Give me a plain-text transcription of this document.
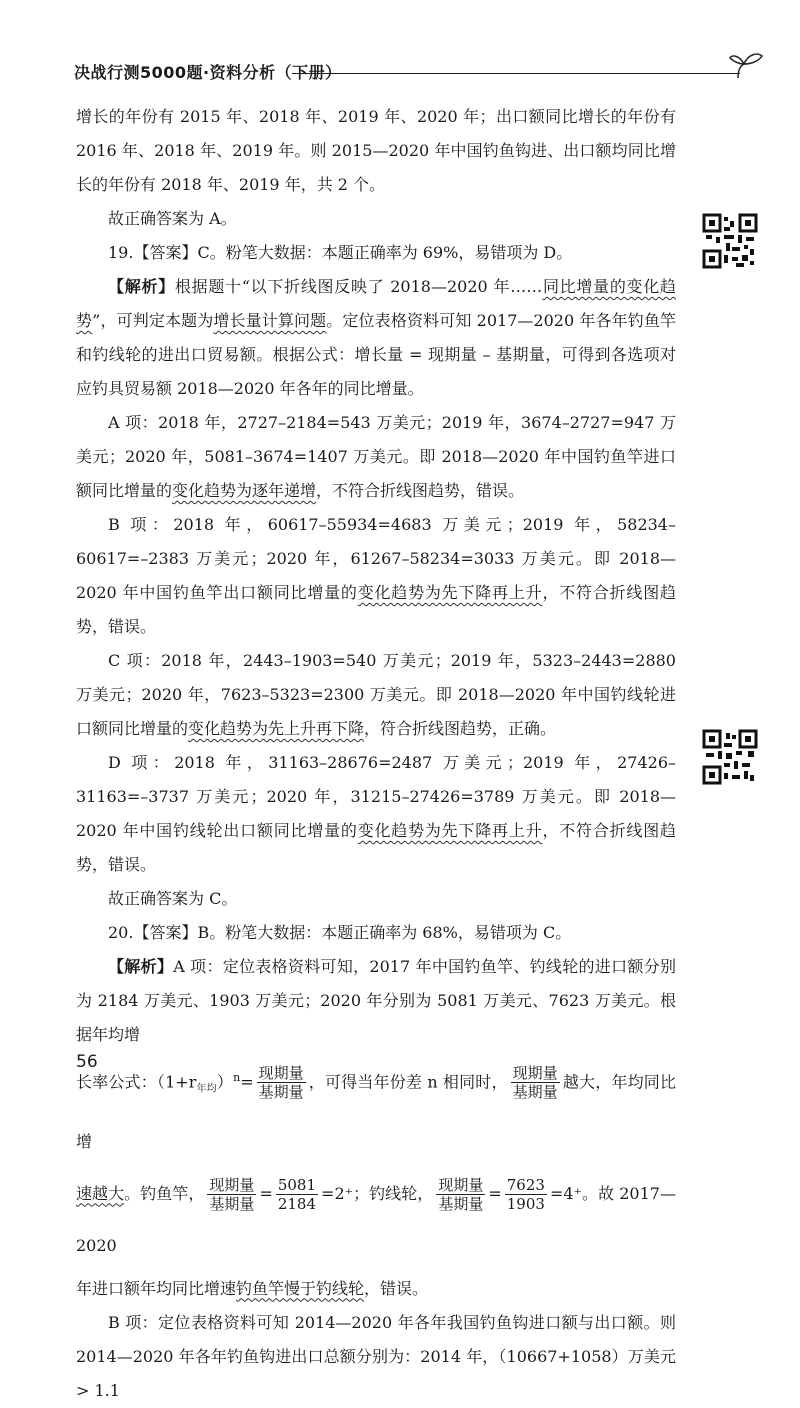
决战行测5000题·资料分析（下册）

增长的年份有 2015 年、2018 年、2019 年、2020 年；出口额同比增长的年份有 2016 年、2018 年、2019 年。则 2015—2020 年中国钓鱼钩进、出口额均同比增长的年份有 2018 年、2019 年，共 2 个。

故正确答案为 A。

19.【答案】C。粉笔大数据：本题正确率为 69%，易错项为 D。

【解析】根据题十“以下折线图反映了 2018—2020 年……同比增量的变化趋势”，可判定本题为增长量计算问题。定位表格资料可知 2017—2020 年各年钓鱼竿和钓线轮的进出口贸易额。根据公式：增长量 = 现期量 – 基期量，可得到各选项对应钓具贸易额 2018—2020 年各年的同比增量。

A 项：2018 年，2727–2184=543 万美元；2019 年，3674–2727=947 万美元；2020 年，5081–3674=1407 万美元。即 2018—2020 年中国钓鱼竿进口额同比增量的变化趋势为逐年递增，不符合折线图趋势，错误。

B 项：2018 年，60617–55934=4683 万美元；2019 年，58234–60617=–2383 万美元；2020 年，61267–58234=3033 万美元。即 2018—2020 年中国钓鱼竿出口额同比增量的变化趋势为先下降再上升，不符合折线图趋势，错误。

C 项：2018 年，2443–1903=540 万美元；2019 年，5323–2443=2880 万美元；2020 年，7623–5323=2300 万美元。即 2018—2020 年中国钓线轮进口额同比增量的变化趋势为先上升再下降，符合折线图趋势，正确。

D 项：2018 年，31163–28676=2487 万美元；2019 年，27426–31163=–3737 万美元；2020 年，31215–27426=3789 万美元。即 2018—2020 年中国钓线轮出口额同比增量的变化趋势为先下降再上升，不符合折线图趋势，错误。

故正确答案为 C。

20.【答案】B。粉笔大数据：本题正确率为 68%，易错项为 C。

【解析】A 项：定位表格资料可知，2017 年中国钓鱼竿、钓线轮的进口额分别为 2184 万美元、1903 万美元；2020 年分别为 5081 万美元、7623 万美元。根据年均增

长率公式：$(1+r_{年均})^n= \frac{\text{现期量}}{\text{基期量}}$ ，可得当年份差 n 相同时， $\frac{\text{现期量}}{\text{基期量}}$ 越大，年均同比增

速越大。钓鱼竿， $\frac{\text{现期量}}{\text{基期量}} = \frac{5081}{2184} =2^+$；钓线轮， $\frac{\text{现期量}}{\text{基期量}} = \frac{7623}{1903} =4^+$。故 2017—2020

年进口额年均同比增速钓鱼竿慢于钓线轮，错误。

B 项：定位表格资料可知 2014—2020 年各年我国钓鱼钩进口额与出口额。则 2014—2020 年各年钓鱼钩进出口总额分别为：2014 年，（10667+1058）万美元 > 1.1

56
